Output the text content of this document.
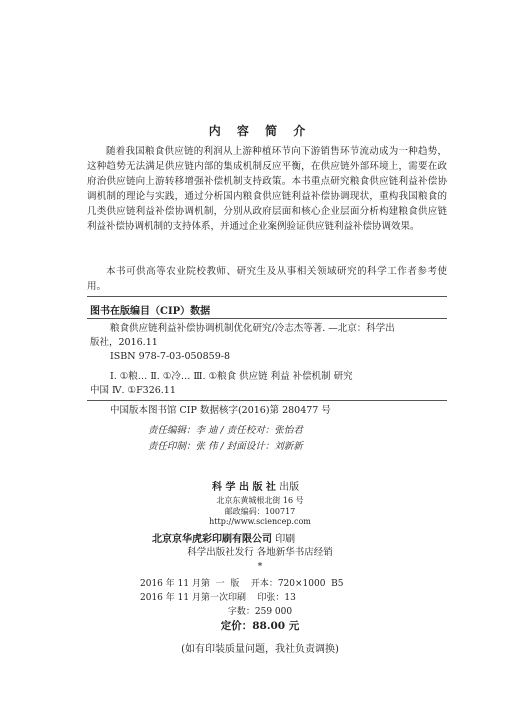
内 容 简 介

随着我国粮食供应链的利润从上游种植环节向下游销售环节流动成为一种趋势，这种趋势无法满足供应链内部的集成机制反应平衡，在供应链外部环境上，需要在政府治供应链向上游转移增强补偿机制支持政策。本书重点研究粮食供应链利益补偿协调机制的理论与实践，通过分析国内粮食供应链利益补偿协调现状，重构我国粮食的几类供应链利益补偿协调机制，分别从政府层面和核心企业层面分析构建粮食供应链利益补偿协调机制的支持体系，并通过企业案例验证供应链利益补偿协调效果。

本书可供高等农业院校教师、研究生及从事相关领域研究的科学工作者参考使用。

图书在版编目（CIP）数据
粮食供应链利益补偿协调机制优化研究/冷志杰等著. —北京：科学出
版社，2016.11
ISBN 978-7-03-050859-8
Ⅰ. ①粮… Ⅱ. ①冷… Ⅲ. ①粮食 供应链 利益 补偿机制 研究
中国 Ⅳ. ①F326.11
中国版本图书馆 CIP 数据核字(2016)第 280477 号
责任编辑：李 迪 / 责任校对：张怡君
责任印制：张 伟 / 封面设计：刘新新
科 学 出 版 社 出版
北京东黄城根北街 16 号
邮政编码：100717
http://www.sciencep.com
北京京华虎彩印刷有限公司 印刷
科学出版社发行 各地新华书店经销
*
2016 年 11 月第  一  版    开本：720×1000  B5
2016 年 11 月第一次印刷    印张：13
字数：259 000
定价：88.00 元
(如有印装质量问题，我社负责调换)
